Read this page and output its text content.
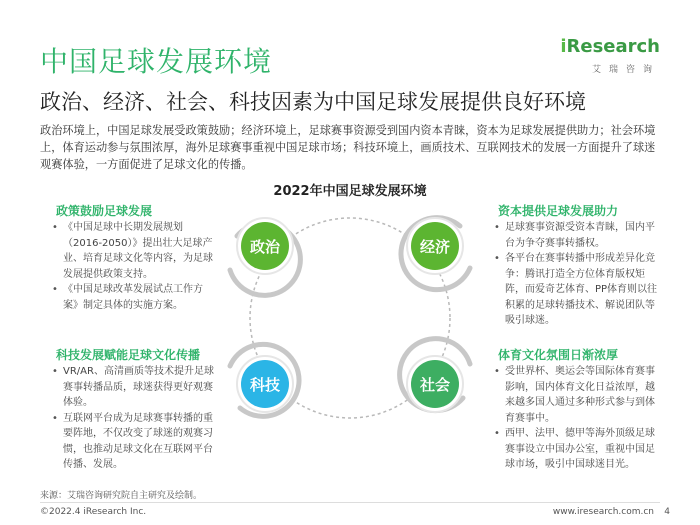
中国足球发展环境	iResearch
艾瑞咨询
政治、经济、社会、科技因素为中国足球发展提供良好环境
政治环境上，中国足球发展受政策鼓励；经济环境上，足球赛事资源受到国内资本青睐，资本为足球发展提供助力；社会环境上，体育运动参与氛围浓厚，海外足球赛事重视中国足球市场；科技环境上，画质技术、互联网技术的发展一方面提升了球迷观赛体验，一方面促进了足球文化的传播。
2022年中国足球发展环境
政策鼓励足球发展
• 《中国足球中长期发展规划（2016-2050）》提出壮大足球产业、培育足球文化等内容，为足球发展提供政策支持。
• 《中国足球改革发展试点工作方案》制定具体的实施方案。
资本提供足球发展助力
• 足球赛事资源受资本青睐，国内平台为争夺赛事转播权。
• 各平台在赛事转播中形成差异化竞争：腾讯打造全方位体育版权矩阵，而爱奇艺体育、PP体育则以往积累的足球转播技术、解说团队等吸引球迷。
科技发展赋能足球文化传播
• VR/AR、高清画质等技术提升足球赛事转播品质，球迷获得更好观赛体验。
• 互联网平台成为足球赛事转播的重要阵地，不仅改变了球迷的观赛习惯，也推动足球文化在互联网平台传播、发展。
体育文化氛围日渐浓厚
• 受世界杯、奥运会等国际体育赛事影响，国内体育文化日益浓厚，越来越多国人通过多种形式参与到体育赛事中。
• 西甲、法甲、德甲等海外顶级足球赛事设立中国办公室，重视中国足球市场，吸引中国球迷目光。
政治	经济
科技	社会
来源：艾瑞咨询研究院自主研究及绘制。
©2022.4 iResearch Inc.	www.iresearch.com.cn 4
